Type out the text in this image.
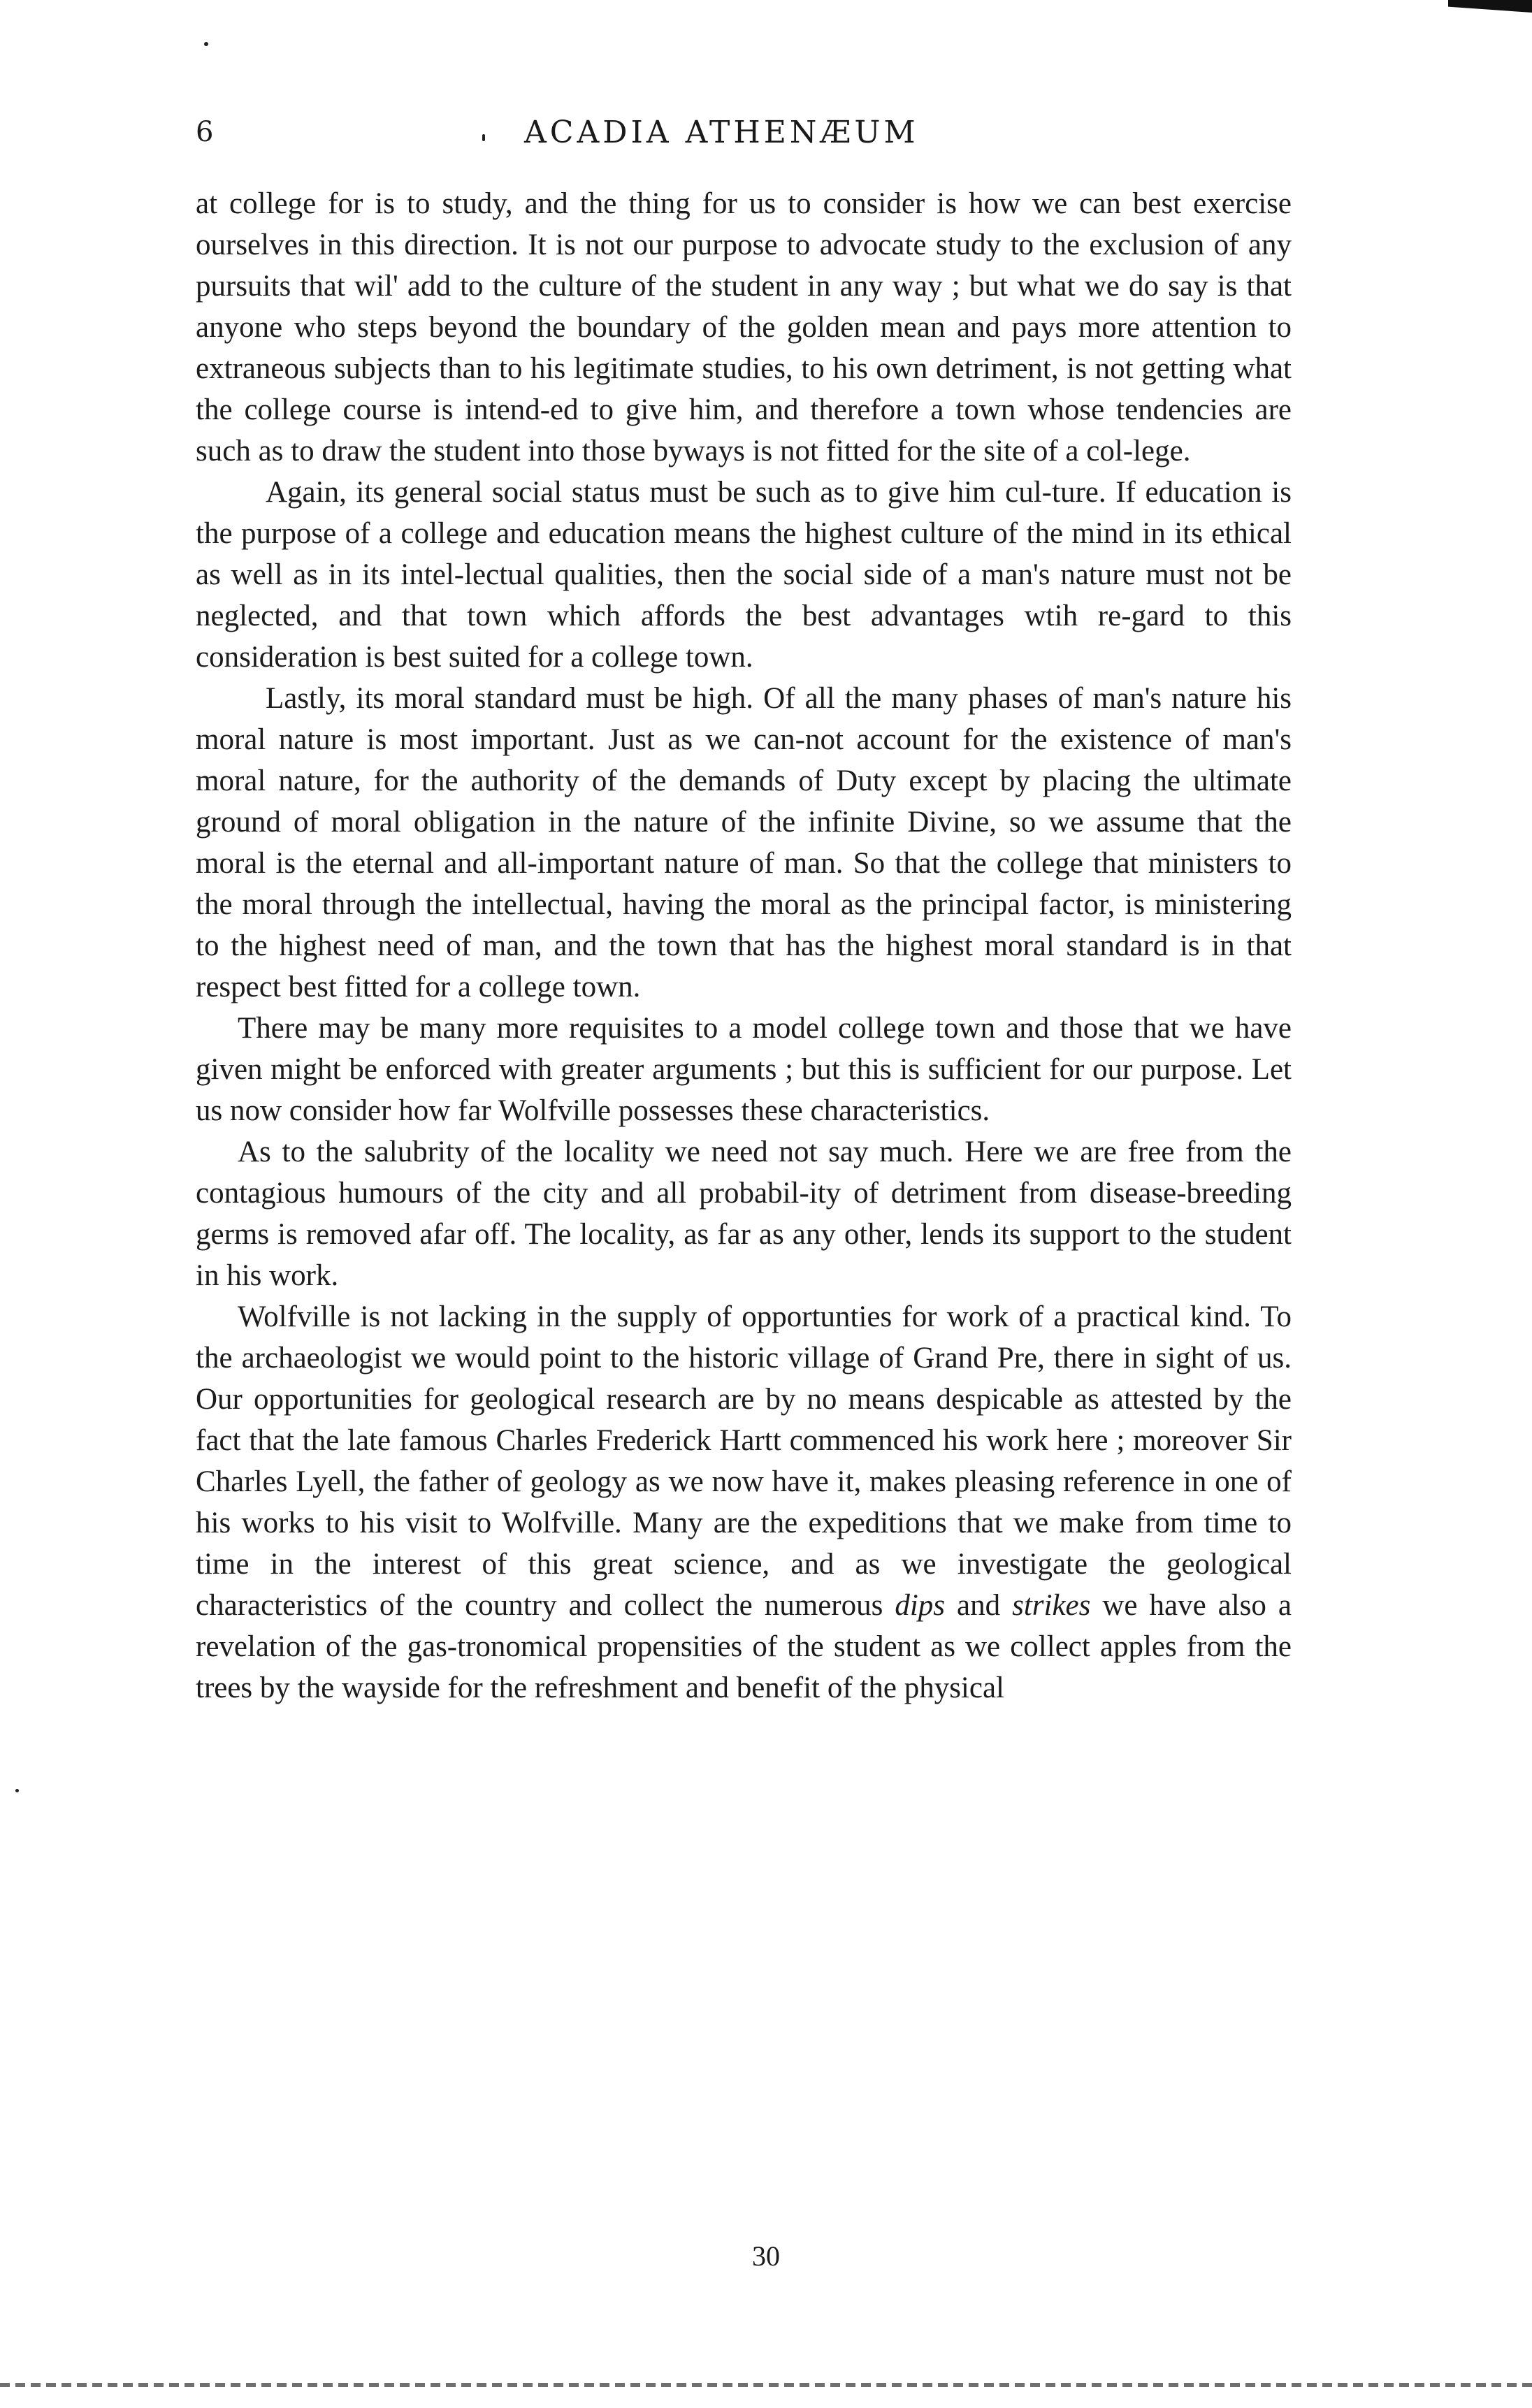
6	ACADIA ATHENÆUM

at college for is to study, and the thing for us to consider is how we can best exercise ourselves in this direction. It is not our purpose to advocate study to the exclusion of any pursuits that wil' add to the culture of the student in any way ; but what we do say is that anyone who steps beyond the boundary of the golden mean and pays more attention to extraneous subjects than to his legitimate studies, to his own detriment, is not getting what the college course is intend-ed to give him, and therefore a town whose tendencies are such as to draw the student into those byways is not fitted for the site of a col-lege.

Again, its general social status must be such as to give him cul-ture. If education is the purpose of a college and education means the highest culture of the mind in its ethical as well as in its intel-lectual qualities, then the social side of a man's nature must not be neglected, and that town which affords the best advantages wtih re-gard to this consideration is best suited for a college town.

Lastly, its moral standard must be high. Of all the many phases of man's nature his moral nature is most important. Just as we can-not account for the existence of man's moral nature, for the authority of the demands of Duty except by placing the ultimate ground of moral obligation in the nature of the infinite Divine, so we assume that the moral is the eternal and all-important nature of man. So that the college that ministers to the moral through the intellectual, having the moral as the principal factor, is ministering to the highest need of man, and the town that has the highest moral standard is in that respect best fitted for a college town.

There may be many more requisites to a model college town and those that we have given might be enforced with greater arguments ; but this is sufficient for our purpose. Let us now consider how far Wolfville possesses these characteristics.

As to the salubrity of the locality we need not say much. Here we are free from the contagious humours of the city and all probabil-ity of detriment from disease-breeding germs is removed afar off. The locality, as far as any other, lends its support to the student in his work.

Wolfville is not lacking in the supply of opportunties for work of a practical kind. To the archaeologist we would point to the historic village of Grand Pre, there in sight of us. Our opportunities for geological research are by no means despicable as attested by the fact that the late famous Charles Frederick Hartt commenced his work here ; moreover Sir Charles Lyell, the father of geology as we now have it, makes pleasing reference in one of his works to his visit to Wolfville. Many are the expeditions that we make from time to time in the interest of this great science, and as we investigate the geological characteristics of the country and collect the numerous dips and strikes we have also a revelation of the gas-tronomical propensities of the student as we collect apples from the trees by the wayside for the refreshment and benefit of the physical

30
